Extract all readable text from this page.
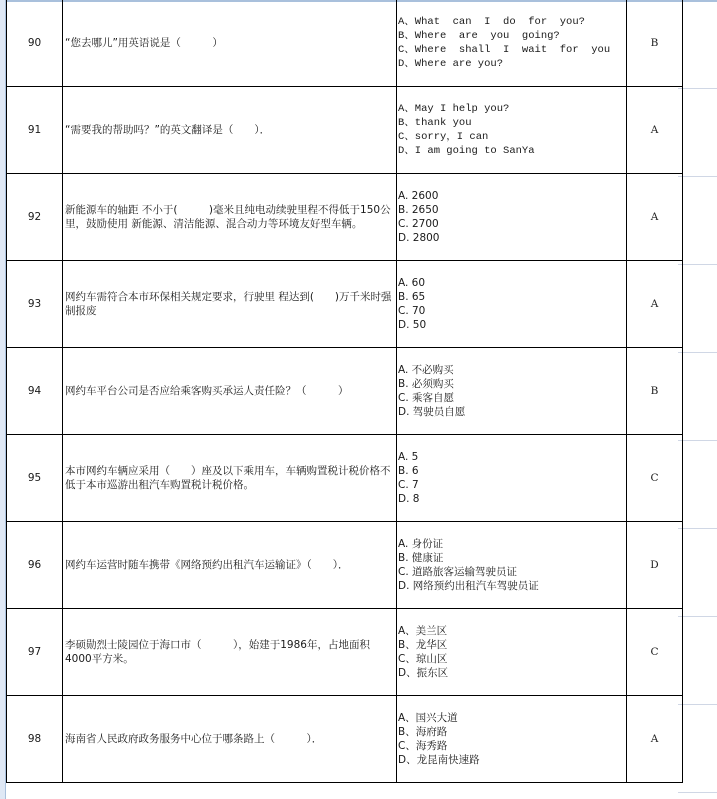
90	“您去哪儿”用英语说是（　　　）	A、What  can  I  do  for  you?
B、Where  are  you  going?
C、Where  shall  I  wait  for  you
D、Where are you?	B
91	“需要我的帮助吗？”的英文翻译是（　　）．	A、May I help you?
B、thank you
C、sorry，I can
D、I am going to SanYa	A
92	新能源车的轴距 不小于(　　　)毫米且纯电动续驶里程不得低于150公里，鼓励使用 新能源、清洁能源、混合动力等环境友好型车辆。	A. 2600
B. 2650
C. 2700
D. 2800	A
93	网约车需符合本市环保相关规定要求，行驶里 程达到(　　)万千米时强制报废	A. 60
B. 65
C. 70
D. 50	A
94	网约车平台公司是否应给乘客购买承运人责任险？（　　　）	A. 不必购买
B. 必须购买
C. 乘客自愿
D. 驾驶员自愿	B
95	本市网约车辆应采用（　　）座及以下乘用车，车辆购置税计税价格不低于本市巡游出租汽车购置税计税价格。	A. 5
B. 6
C. 7
D. 8	C
96	网约车运营时随车携带《网络预约出租汽车运输证》（　　）．	A. 身份证
B. 健康证
C. 道路旅客运输驾驶员证
D. 网络预约出租汽车驾驶员证	D
97	李硕勋烈士陵园位于海口市（　　　），始建于1986年，占地面积4000平方米。	A、美兰区
B、龙华区
C、琼山区
D、振东区	C
98	海南省人民政府政务服务中心位于哪条路上（　　　）．	A、国兴大道
B、海府路
C、海秀路
D、龙昆南快速路	A
